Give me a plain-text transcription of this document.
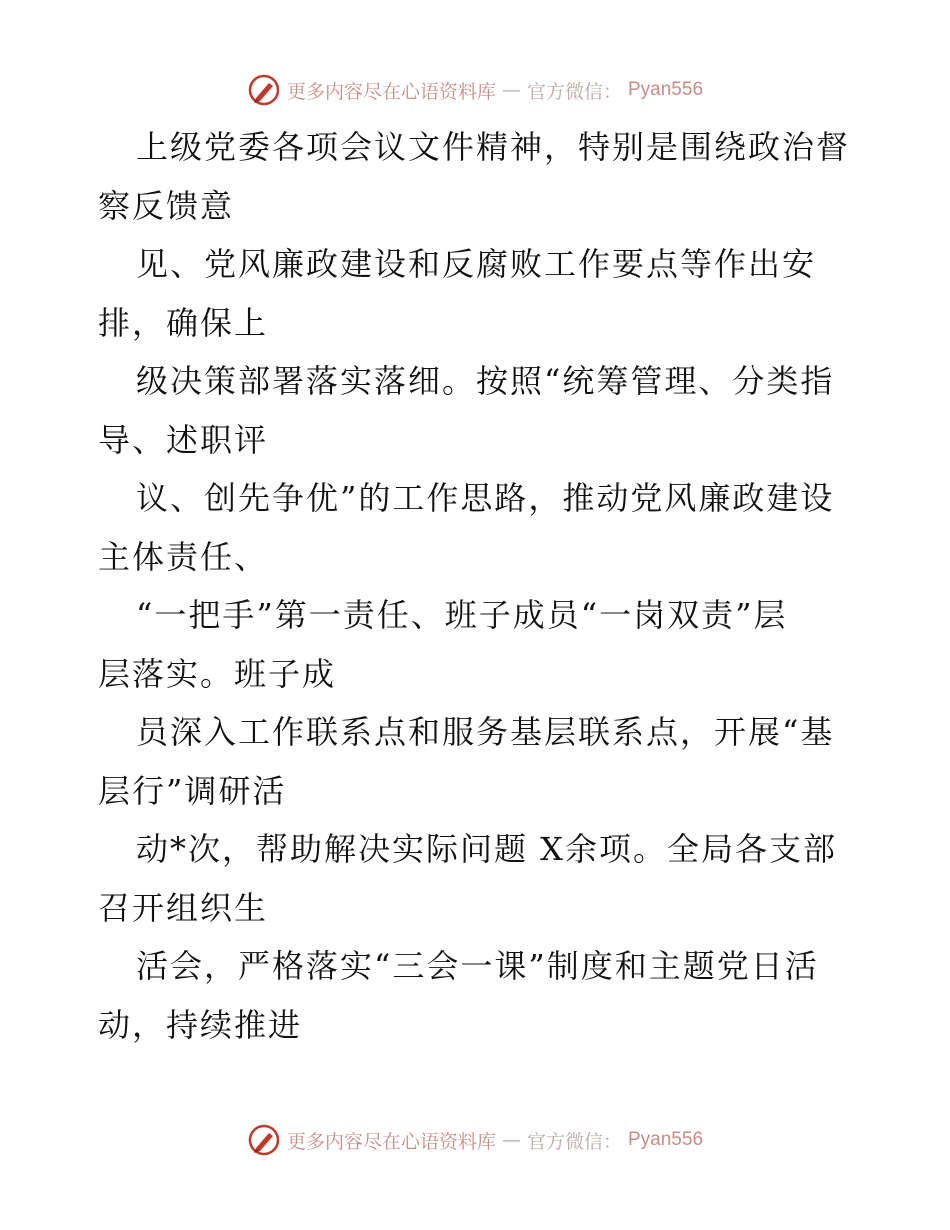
更多内容尽在心语资料库 — 官方微信： Pyan556

上级党委各项会议文件精神，特别是围绕政治督
察反馈意

见、党风廉政建设和反腐败工作要点等作出安
排，确保上

级决策部署落实落细。按照“统筹管理、分类指
导、述职评

议、创先争优”的工作思路，推动党风廉政建设
主体责任、

“一把手”第一责任、班子成员“一岗双责”层
层落实。班子成

员深入工作联系点和服务基层联系点，开展“基
层行”调研活

动*次，帮助解决实际问题 X余项。全局各支部
召开组织生

活会，严格落实“三会一课”制度和主题党日活
动，持续推进

更多内容尽在心语资料库 — 官方微信： Pyan556
